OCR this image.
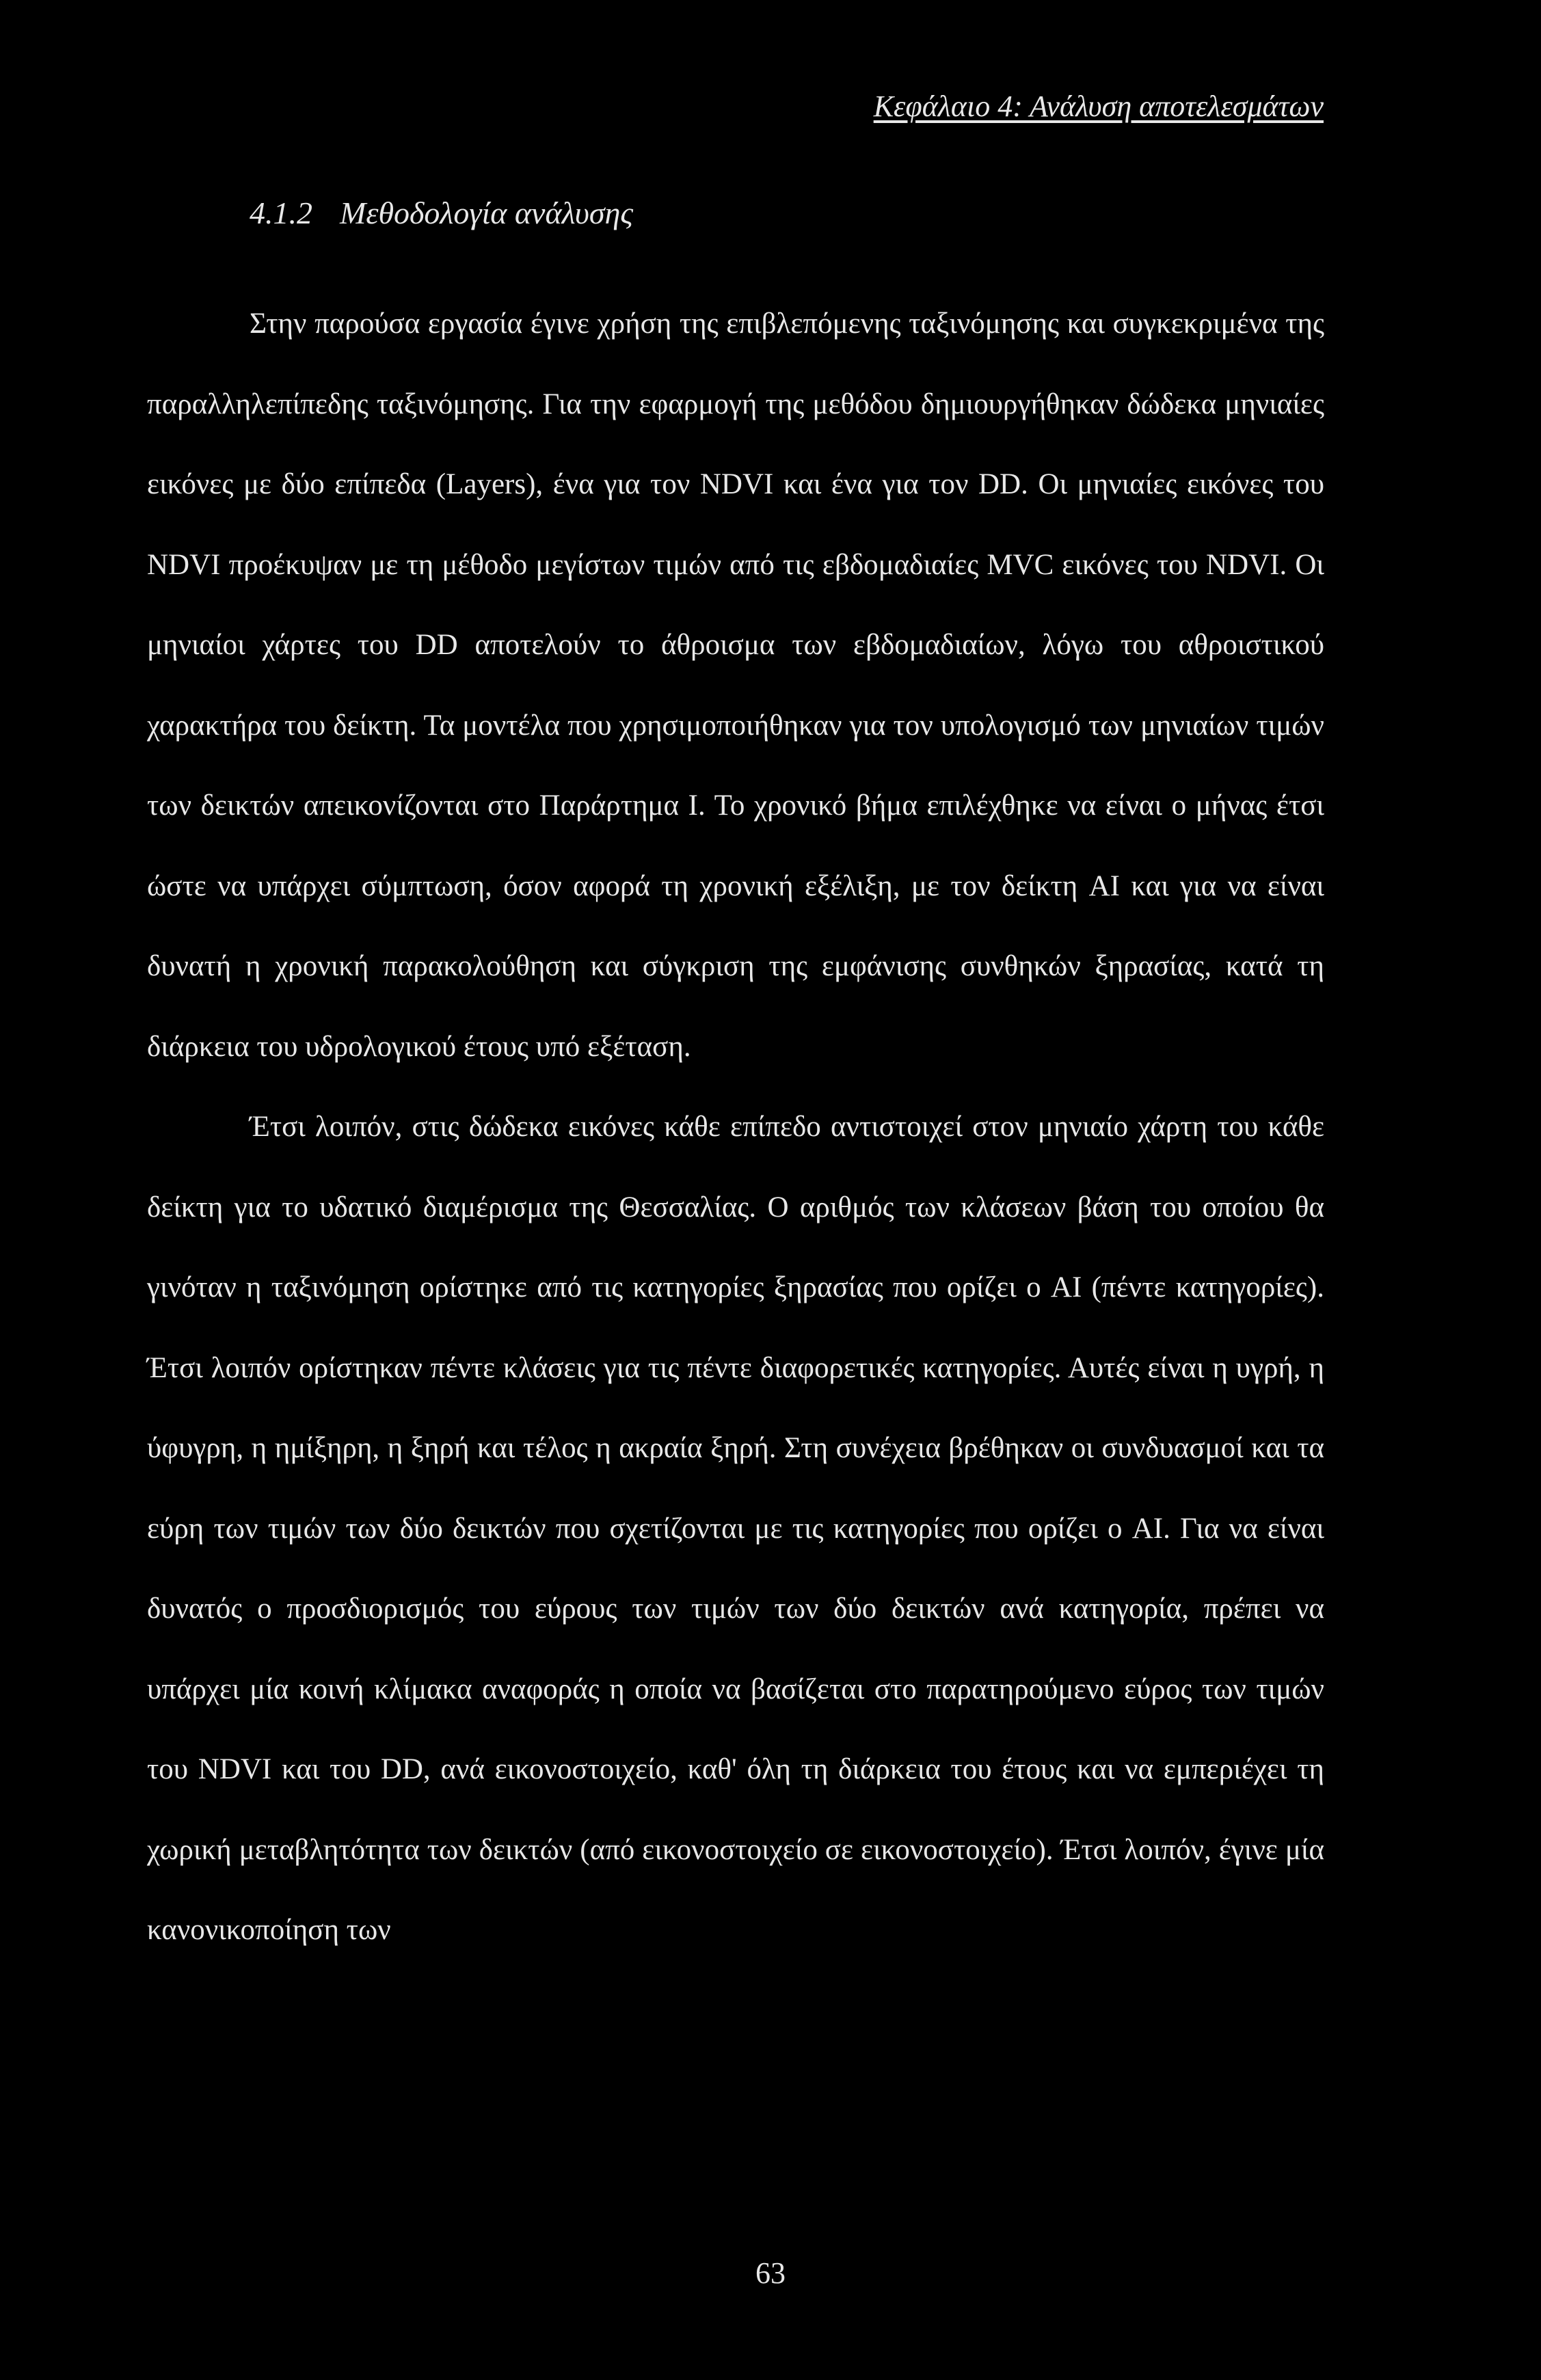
Κεφάλαιο 4: Ανάλυση αποτελεσμάτων
4.1.2 Μεθοδολογία ανάλυσης

Στην παρούσα εργασία έγινε χρήση της επιβλεπόμενης ταξινόμησης και συγκεκριμένα της παραλληλεπίπεδης ταξινόμησης. Για την εφαρμογή της μεθόδου δημιουργήθηκαν δώδεκα μηνιαίες εικόνες με δύο επίπεδα (Layers), ένα για τον NDVI και ένα για τον DD. Οι μηνιαίες εικόνες του NDVI προέκυψαν με τη μέθοδο μεγίστων τιμών από τις εβδομαδιαίες MVC εικόνες του NDVI. Οι μηνιαίοι χάρτες του DD αποτελούν το άθροισμα των εβδομαδιαίων, λόγω του αθροιστικού χαρακτήρα του δείκτη. Τα μοντέλα που χρησιμοποιήθηκαν για τον υπολογισμό των μηνιαίων τιμών των δεικτών απεικονίζονται στο Παράρτημα Ι. Το χρονικό βήμα επιλέχθηκε να είναι ο μήνας έτσι ώστε να υπάρχει σύμπτωση, όσον αφορά τη χρονική εξέλιξη, με τον δείκτη AI και για να είναι δυνατή η χρονική παρακολούθηση και σύγκριση της εμφάνισης συνθηκών ξηρασίας, κατά τη διάρκεια του υδρολογικού έτους υπό εξέταση.

Έτσι λοιπόν, στις δώδεκα εικόνες κάθε επίπεδο αντιστοιχεί στον μηνιαίο χάρτη του κάθε δείκτη για το υδατικό διαμέρισμα της Θεσσαλίας. Ο αριθμός των κλάσεων βάση του οποίου θα γινόταν η ταξινόμηση ορίστηκε από τις κατηγορίες ξηρασίας που ορίζει ο AI (πέντε κατηγορίες). Έτσι λοιπόν ορίστηκαν πέντε κλάσεις για τις πέντε διαφορετικές κατηγορίες. Αυτές είναι η υγρή, η ύφυγρη, η ημίξηρη, η ξηρή και τέλος η ακραία ξηρή. Στη συνέχεια βρέθηκαν οι συνδυασμοί και τα εύρη των τιμών των δύο δεικτών που σχετίζονται με τις κατηγορίες που ορίζει ο AI. Για να είναι δυνατός ο προσδιορισμός του εύρους των τιμών των δύο δεικτών ανά κατηγορία, πρέπει να υπάρχει μία κοινή κλίμακα αναφοράς η οποία να βασίζεται στο παρατηρούμενο εύρος των τιμών του NDVI και του DD, ανά εικονοστοιχείο, καθ' όλη τη διάρκεια του έτους και να εμπεριέχει τη χωρική μεταβλητότητα των δεικτών (από εικονοστοιχείο σε εικονοστοιχείο). Έτσι λοιπόν, έγινε μία κανονικοποίηση των

63
